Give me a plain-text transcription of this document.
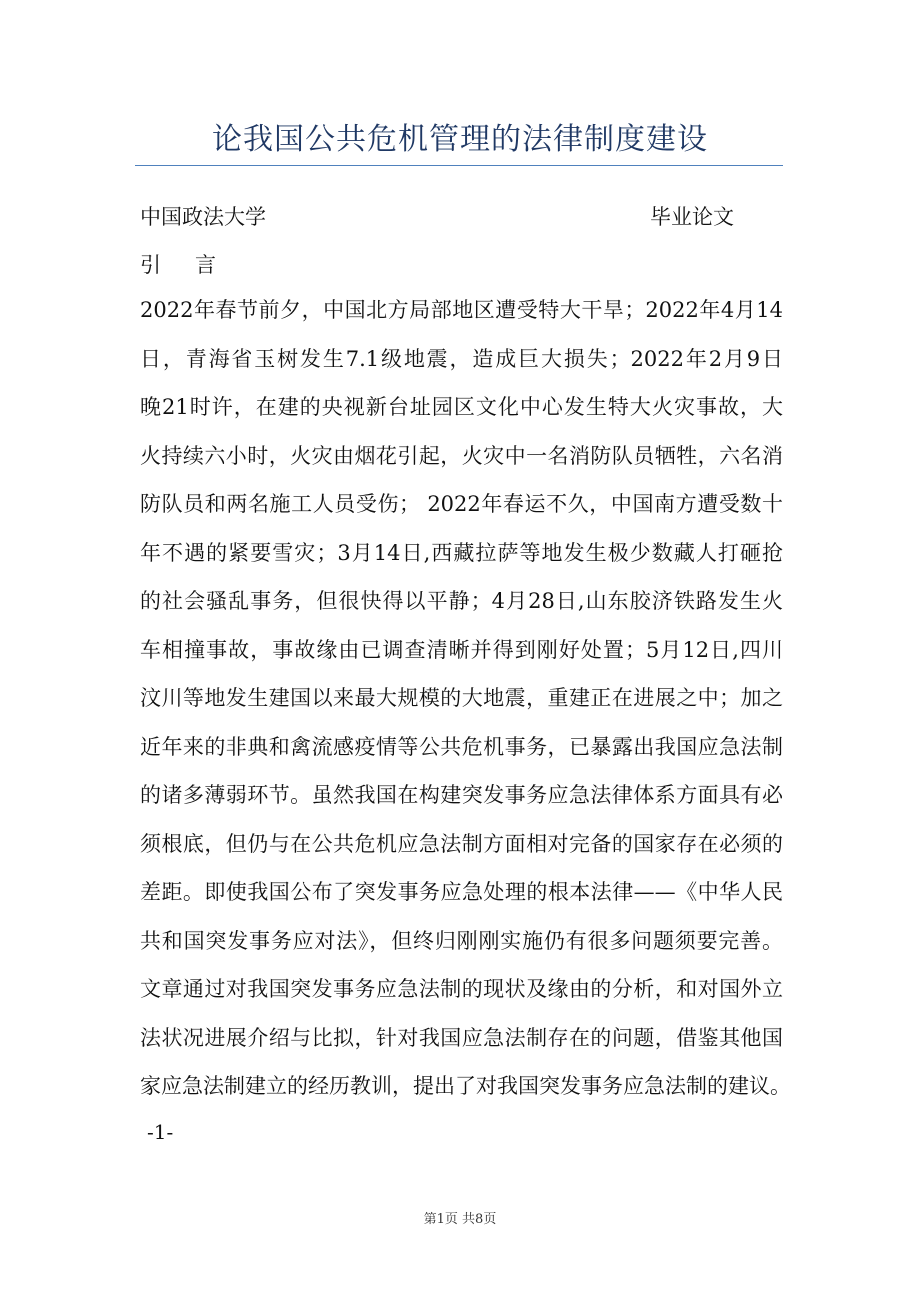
论我国公共危机管理的法律制度建设
中国政法大学	毕业论文
引 言
2022年春节前夕，中国北方局部地区遭受特大干旱；2022年4月14
日，青海省玉树发生7.1级地震，造成巨大损失；2022年2月9日
晚21时许，在建的央视新台址园区文化中心发生特大火灾事故，大
火持续六小时，火灾由烟花引起，火灾中一名消防队员牺牲，六名消
防队员和两名施工人员受伤； 2022年春运不久，中国南方遭受数十
年不遇的紧要雪灾；3月14日,西藏拉萨等地发生极少数藏人打砸抢
的社会骚乱事务，但很快得以平静；4月28日,山东胶济铁路发生火
车相撞事故，事故缘由已调查清晰并得到刚好处置；5月12日,四川
汶川等地发生建国以来最大规模的大地震，重建正在进展之中；加之
近年来的非典和禽流感疫情等公共危机事务，已暴露出我国应急法制
的诸多薄弱环节。虽然我国在构建突发事务应急法律体系方面具有必
须根底，但仍与在公共危机应急法制方面相对完备的国家存在必须的
差距。即使我国公布了突发事务应急处理的根本法律——《中华人民
共和国突发事务应对法》，但终归刚刚实施仍有很多问题须要完善。
文章通过对我国突发事务应急法制的现状及缘由的分析，和对国外立
法状况进展介绍与比拟，针对我国应急法制存在的问题，借鉴其他国
家应急法制建立的经历教训，提出了对我国突发事务应急法制的建议。
-1-
第1页 共8页
